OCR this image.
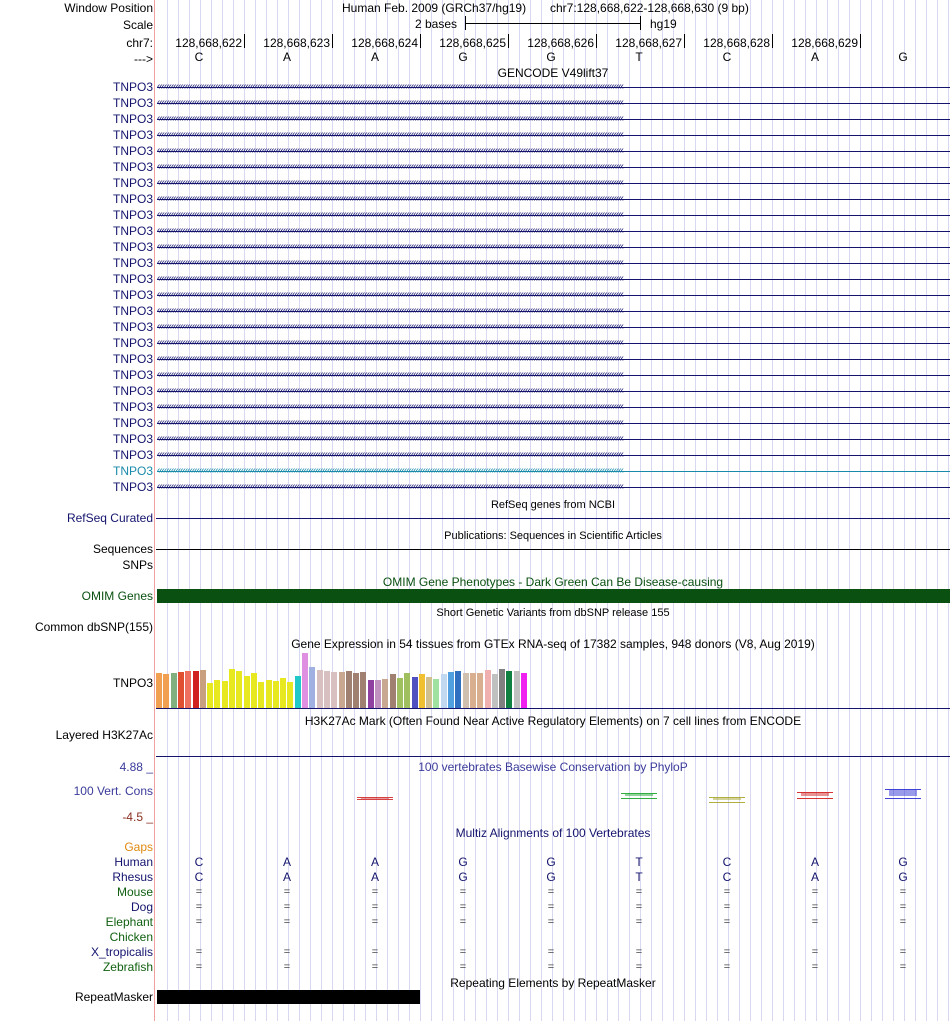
Window Position	Human Feb. 2009 (GRCh37/hg19) chr7:128,668,622-128,668,630 (9 bp)
Scale	2 bases	hg19
chr7:	128,668,622	128,668,623	128,668,624	128,668,625	128,668,626	128,668,627	128,668,628	128,668,629
--->	C	A	A	G	G	T	C	A	G
GENCODE V49lift37
TNPO3 ‹‹‹‹‹‹‹‹‹‹‹‹‹‹‹‹‹‹‹‹‹‹‹‹‹‹‹‹‹‹‹‹‹‹‹‹‹‹‹‹‹‹‹‹‹‹‹‹‹‹‹‹‹‹‹‹‹‹‹‹‹‹‹‹‹‹‹‹‹‹‹‹‹‹‹‹‹‹‹‹‹‹‹‹‹‹‹‹‹‹‹‹‹‹‹‹‹‹‹‹‹‹‹‹‹‹‹‹‹‹‹‹‹‹‹‹‹‹‹‹‹‹‹‹‹‹‹‹‹‹‹‹‹‹‹‹‹‹‹‹‹‹‹‹‹‹‹‹‹‹‹‹‹‹‹‹‹‹‹‹‹‹‹‹‹‹‹‹‹‹‹‹‹‹‹‹‹‹‹‹‹‹‹‹‹‹‹‹‹‹‹‹‹‹‹‹‹‹‹‹
TNPO3 ‹‹‹‹‹‹‹‹‹‹‹‹‹‹‹‹‹‹‹‹‹‹‹‹‹‹‹‹‹‹‹‹‹‹‹‹‹‹‹‹‹‹‹‹‹‹‹‹‹‹‹‹‹‹‹‹‹‹‹‹‹‹‹‹‹‹‹‹‹‹‹‹‹‹‹‹‹‹‹‹‹‹‹‹‹‹‹‹‹‹‹‹‹‹‹‹‹‹‹‹‹‹‹‹‹‹‹‹‹‹‹‹‹‹‹‹‹‹‹‹‹‹‹‹‹‹‹‹‹‹‹‹‹‹‹‹‹‹‹‹‹‹‹‹‹‹‹‹‹‹‹‹‹‹‹‹‹‹‹‹‹‹‹‹‹‹‹‹‹‹‹‹‹‹‹‹‹‹‹‹‹‹‹‹‹‹‹‹‹‹‹‹‹‹‹‹‹‹‹‹
TNPO3 ‹‹‹‹‹‹‹‹‹‹‹‹‹‹‹‹‹‹‹‹‹‹‹‹‹‹‹‹‹‹‹‹‹‹‹‹‹‹‹‹‹‹‹‹‹‹‹‹‹‹‹‹‹‹‹‹‹‹‹‹‹‹‹‹‹‹‹‹‹‹‹‹‹‹‹‹‹‹‹‹‹‹‹‹‹‹‹‹‹‹‹‹‹‹‹‹‹‹‹‹‹‹‹‹‹‹‹‹‹‹‹‹‹‹‹‹‹‹‹‹‹‹‹‹‹‹‹‹‹‹‹‹‹‹‹‹‹‹‹‹‹‹‹‹‹‹‹‹‹‹‹‹‹‹‹‹‹‹‹‹‹‹‹‹‹‹‹‹‹‹‹‹‹‹‹‹‹‹‹‹‹‹‹‹‹‹‹‹‹‹‹‹‹‹‹‹‹‹‹‹
TNPO3 ‹‹‹‹‹‹‹‹‹‹‹‹‹‹‹‹‹‹‹‹‹‹‹‹‹‹‹‹‹‹‹‹‹‹‹‹‹‹‹‹‹‹‹‹‹‹‹‹‹‹‹‹‹‹‹‹‹‹‹‹‹‹‹‹‹‹‹‹‹‹‹‹‹‹‹‹‹‹‹‹‹‹‹‹‹‹‹‹‹‹‹‹‹‹‹‹‹‹‹‹‹‹‹‹‹‹‹‹‹‹‹‹‹‹‹‹‹‹‹‹‹‹‹‹‹‹‹‹‹‹‹‹‹‹‹‹‹‹‹‹‹‹‹‹‹‹‹‹‹‹‹‹‹‹‹‹‹‹‹‹‹‹‹‹‹‹‹‹‹‹‹‹‹‹‹‹‹‹‹‹‹‹‹‹‹‹‹‹‹‹‹‹‹‹‹‹‹‹‹‹
TNPO3 ‹‹‹‹‹‹‹‹‹‹‹‹‹‹‹‹‹‹‹‹‹‹‹‹‹‹‹‹‹‹‹‹‹‹‹‹‹‹‹‹‹‹‹‹‹‹‹‹‹‹‹‹‹‹‹‹‹‹‹‹‹‹‹‹‹‹‹‹‹‹‹‹‹‹‹‹‹‹‹‹‹‹‹‹‹‹‹‹‹‹‹‹‹‹‹‹‹‹‹‹‹‹‹‹‹‹‹‹‹‹‹‹‹‹‹‹‹‹‹‹‹‹‹‹‹‹‹‹‹‹‹‹‹‹‹‹‹‹‹‹‹‹‹‹‹‹‹‹‹‹‹‹‹‹‹‹‹‹‹‹‹‹‹‹‹‹‹‹‹‹‹‹‹‹‹‹‹‹‹‹‹‹‹‹‹‹‹‹‹‹‹‹‹‹‹‹‹‹‹‹
TNPO3 ‹‹‹‹‹‹‹‹‹‹‹‹‹‹‹‹‹‹‹‹‹‹‹‹‹‹‹‹‹‹‹‹‹‹‹‹‹‹‹‹‹‹‹‹‹‹‹‹‹‹‹‹‹‹‹‹‹‹‹‹‹‹‹‹‹‹‹‹‹‹‹‹‹‹‹‹‹‹‹‹‹‹‹‹‹‹‹‹‹‹‹‹‹‹‹‹‹‹‹‹‹‹‹‹‹‹‹‹‹‹‹‹‹‹‹‹‹‹‹‹‹‹‹‹‹‹‹‹‹‹‹‹‹‹‹‹‹‹‹‹‹‹‹‹‹‹‹‹‹‹‹‹‹‹‹‹‹‹‹‹‹‹‹‹‹‹‹‹‹‹‹‹‹‹‹‹‹‹‹‹‹‹‹‹‹‹‹‹‹‹‹‹‹‹‹‹‹‹‹‹
TNPO3 ‹‹‹‹‹‹‹‹‹‹‹‹‹‹‹‹‹‹‹‹‹‹‹‹‹‹‹‹‹‹‹‹‹‹‹‹‹‹‹‹‹‹‹‹‹‹‹‹‹‹‹‹‹‹‹‹‹‹‹‹‹‹‹‹‹‹‹‹‹‹‹‹‹‹‹‹‹‹‹‹‹‹‹‹‹‹‹‹‹‹‹‹‹‹‹‹‹‹‹‹‹‹‹‹‹‹‹‹‹‹‹‹‹‹‹‹‹‹‹‹‹‹‹‹‹‹‹‹‹‹‹‹‹‹‹‹‹‹‹‹‹‹‹‹‹‹‹‹‹‹‹‹‹‹‹‹‹‹‹‹‹‹‹‹‹‹‹‹‹‹‹‹‹‹‹‹‹‹‹‹‹‹‹‹‹‹‹‹‹‹‹‹‹‹‹‹‹‹‹‹
TNPO3 ‹‹‹‹‹‹‹‹‹‹‹‹‹‹‹‹‹‹‹‹‹‹‹‹‹‹‹‹‹‹‹‹‹‹‹‹‹‹‹‹‹‹‹‹‹‹‹‹‹‹‹‹‹‹‹‹‹‹‹‹‹‹‹‹‹‹‹‹‹‹‹‹‹‹‹‹‹‹‹‹‹‹‹‹‹‹‹‹‹‹‹‹‹‹‹‹‹‹‹‹‹‹‹‹‹‹‹‹‹‹‹‹‹‹‹‹‹‹‹‹‹‹‹‹‹‹‹‹‹‹‹‹‹‹‹‹‹‹‹‹‹‹‹‹‹‹‹‹‹‹‹‹‹‹‹‹‹‹‹‹‹‹‹‹‹‹‹‹‹‹‹‹‹‹‹‹‹‹‹‹‹‹‹‹‹‹‹‹‹‹‹‹‹‹‹‹‹‹‹‹
TNPO3 ‹‹‹‹‹‹‹‹‹‹‹‹‹‹‹‹‹‹‹‹‹‹‹‹‹‹‹‹‹‹‹‹‹‹‹‹‹‹‹‹‹‹‹‹‹‹‹‹‹‹‹‹‹‹‹‹‹‹‹‹‹‹‹‹‹‹‹‹‹‹‹‹‹‹‹‹‹‹‹‹‹‹‹‹‹‹‹‹‹‹‹‹‹‹‹‹‹‹‹‹‹‹‹‹‹‹‹‹‹‹‹‹‹‹‹‹‹‹‹‹‹‹‹‹‹‹‹‹‹‹‹‹‹‹‹‹‹‹‹‹‹‹‹‹‹‹‹‹‹‹‹‹‹‹‹‹‹‹‹‹‹‹‹‹‹‹‹‹‹‹‹‹‹‹‹‹‹‹‹‹‹‹‹‹‹‹‹‹‹‹‹‹‹‹‹‹‹‹‹‹
TNPO3 ‹‹‹‹‹‹‹‹‹‹‹‹‹‹‹‹‹‹‹‹‹‹‹‹‹‹‹‹‹‹‹‹‹‹‹‹‹‹‹‹‹‹‹‹‹‹‹‹‹‹‹‹‹‹‹‹‹‹‹‹‹‹‹‹‹‹‹‹‹‹‹‹‹‹‹‹‹‹‹‹‹‹‹‹‹‹‹‹‹‹‹‹‹‹‹‹‹‹‹‹‹‹‹‹‹‹‹‹‹‹‹‹‹‹‹‹‹‹‹‹‹‹‹‹‹‹‹‹‹‹‹‹‹‹‹‹‹‹‹‹‹‹‹‹‹‹‹‹‹‹‹‹‹‹‹‹‹‹‹‹‹‹‹‹‹‹‹‹‹‹‹‹‹‹‹‹‹‹‹‹‹‹‹‹‹‹‹‹‹‹‹‹‹‹‹‹‹‹‹‹
TNPO3 ‹‹‹‹‹‹‹‹‹‹‹‹‹‹‹‹‹‹‹‹‹‹‹‹‹‹‹‹‹‹‹‹‹‹‹‹‹‹‹‹‹‹‹‹‹‹‹‹‹‹‹‹‹‹‹‹‹‹‹‹‹‹‹‹‹‹‹‹‹‹‹‹‹‹‹‹‹‹‹‹‹‹‹‹‹‹‹‹‹‹‹‹‹‹‹‹‹‹‹‹‹‹‹‹‹‹‹‹‹‹‹‹‹‹‹‹‹‹‹‹‹‹‹‹‹‹‹‹‹‹‹‹‹‹‹‹‹‹‹‹‹‹‹‹‹‹‹‹‹‹‹‹‹‹‹‹‹‹‹‹‹‹‹‹‹‹‹‹‹‹‹‹‹‹‹‹‹‹‹‹‹‹‹‹‹‹‹‹‹‹‹‹‹‹‹‹‹‹‹‹
TNPO3 ‹‹‹‹‹‹‹‹‹‹‹‹‹‹‹‹‹‹‹‹‹‹‹‹‹‹‹‹‹‹‹‹‹‹‹‹‹‹‹‹‹‹‹‹‹‹‹‹‹‹‹‹‹‹‹‹‹‹‹‹‹‹‹‹‹‹‹‹‹‹‹‹‹‹‹‹‹‹‹‹‹‹‹‹‹‹‹‹‹‹‹‹‹‹‹‹‹‹‹‹‹‹‹‹‹‹‹‹‹‹‹‹‹‹‹‹‹‹‹‹‹‹‹‹‹‹‹‹‹‹‹‹‹‹‹‹‹‹‹‹‹‹‹‹‹‹‹‹‹‹‹‹‹‹‹‹‹‹‹‹‹‹‹‹‹‹‹‹‹‹‹‹‹‹‹‹‹‹‹‹‹‹‹‹‹‹‹‹‹‹‹‹‹‹‹‹‹‹‹‹
TNPO3 ‹‹‹‹‹‹‹‹‹‹‹‹‹‹‹‹‹‹‹‹‹‹‹‹‹‹‹‹‹‹‹‹‹‹‹‹‹‹‹‹‹‹‹‹‹‹‹‹‹‹‹‹‹‹‹‹‹‹‹‹‹‹‹‹‹‹‹‹‹‹‹‹‹‹‹‹‹‹‹‹‹‹‹‹‹‹‹‹‹‹‹‹‹‹‹‹‹‹‹‹‹‹‹‹‹‹‹‹‹‹‹‹‹‹‹‹‹‹‹‹‹‹‹‹‹‹‹‹‹‹‹‹‹‹‹‹‹‹‹‹‹‹‹‹‹‹‹‹‹‹‹‹‹‹‹‹‹‹‹‹‹‹‹‹‹‹‹‹‹‹‹‹‹‹‹‹‹‹‹‹‹‹‹‹‹‹‹‹‹‹‹‹‹‹‹‹‹‹‹‹
TNPO3 ‹‹‹‹‹‹‹‹‹‹‹‹‹‹‹‹‹‹‹‹‹‹‹‹‹‹‹‹‹‹‹‹‹‹‹‹‹‹‹‹‹‹‹‹‹‹‹‹‹‹‹‹‹‹‹‹‹‹‹‹‹‹‹‹‹‹‹‹‹‹‹‹‹‹‹‹‹‹‹‹‹‹‹‹‹‹‹‹‹‹‹‹‹‹‹‹‹‹‹‹‹‹‹‹‹‹‹‹‹‹‹‹‹‹‹‹‹‹‹‹‹‹‹‹‹‹‹‹‹‹‹‹‹‹‹‹‹‹‹‹‹‹‹‹‹‹‹‹‹‹‹‹‹‹‹‹‹‹‹‹‹‹‹‹‹‹‹‹‹‹‹‹‹‹‹‹‹‹‹‹‹‹‹‹‹‹‹‹‹‹‹‹‹‹‹‹‹‹‹‹
TNPO3 ‹‹‹‹‹‹‹‹‹‹‹‹‹‹‹‹‹‹‹‹‹‹‹‹‹‹‹‹‹‹‹‹‹‹‹‹‹‹‹‹‹‹‹‹‹‹‹‹‹‹‹‹‹‹‹‹‹‹‹‹‹‹‹‹‹‹‹‹‹‹‹‹‹‹‹‹‹‹‹‹‹‹‹‹‹‹‹‹‹‹‹‹‹‹‹‹‹‹‹‹‹‹‹‹‹‹‹‹‹‹‹‹‹‹‹‹‹‹‹‹‹‹‹‹‹‹‹‹‹‹‹‹‹‹‹‹‹‹‹‹‹‹‹‹‹‹‹‹‹‹‹‹‹‹‹‹‹‹‹‹‹‹‹‹‹‹‹‹‹‹‹‹‹‹‹‹‹‹‹‹‹‹‹‹‹‹‹‹‹‹‹‹‹‹‹‹‹‹‹‹
TNPO3 ‹‹‹‹‹‹‹‹‹‹‹‹‹‹‹‹‹‹‹‹‹‹‹‹‹‹‹‹‹‹‹‹‹‹‹‹‹‹‹‹‹‹‹‹‹‹‹‹‹‹‹‹‹‹‹‹‹‹‹‹‹‹‹‹‹‹‹‹‹‹‹‹‹‹‹‹‹‹‹‹‹‹‹‹‹‹‹‹‹‹‹‹‹‹‹‹‹‹‹‹‹‹‹‹‹‹‹‹‹‹‹‹‹‹‹‹‹‹‹‹‹‹‹‹‹‹‹‹‹‹‹‹‹‹‹‹‹‹‹‹‹‹‹‹‹‹‹‹‹‹‹‹‹‹‹‹‹‹‹‹‹‹‹‹‹‹‹‹‹‹‹‹‹‹‹‹‹‹‹‹‹‹‹‹‹‹‹‹‹‹‹‹‹‹‹‹‹‹‹‹
TNPO3 ‹‹‹‹‹‹‹‹‹‹‹‹‹‹‹‹‹‹‹‹‹‹‹‹‹‹‹‹‹‹‹‹‹‹‹‹‹‹‹‹‹‹‹‹‹‹‹‹‹‹‹‹‹‹‹‹‹‹‹‹‹‹‹‹‹‹‹‹‹‹‹‹‹‹‹‹‹‹‹‹‹‹‹‹‹‹‹‹‹‹‹‹‹‹‹‹‹‹‹‹‹‹‹‹‹‹‹‹‹‹‹‹‹‹‹‹‹‹‹‹‹‹‹‹‹‹‹‹‹‹‹‹‹‹‹‹‹‹‹‹‹‹‹‹‹‹‹‹‹‹‹‹‹‹‹‹‹‹‹‹‹‹‹‹‹‹‹‹‹‹‹‹‹‹‹‹‹‹‹‹‹‹‹‹‹‹‹‹‹‹‹‹‹‹‹‹‹‹‹‹
TNPO3 ‹‹‹‹‹‹‹‹‹‹‹‹‹‹‹‹‹‹‹‹‹‹‹‹‹‹‹‹‹‹‹‹‹‹‹‹‹‹‹‹‹‹‹‹‹‹‹‹‹‹‹‹‹‹‹‹‹‹‹‹‹‹‹‹‹‹‹‹‹‹‹‹‹‹‹‹‹‹‹‹‹‹‹‹‹‹‹‹‹‹‹‹‹‹‹‹‹‹‹‹‹‹‹‹‹‹‹‹‹‹‹‹‹‹‹‹‹‹‹‹‹‹‹‹‹‹‹‹‹‹‹‹‹‹‹‹‹‹‹‹‹‹‹‹‹‹‹‹‹‹‹‹‹‹‹‹‹‹‹‹‹‹‹‹‹‹‹‹‹‹‹‹‹‹‹‹‹‹‹‹‹‹‹‹‹‹‹‹‹‹‹‹‹‹‹‹‹‹‹‹
TNPO3 ‹‹‹‹‹‹‹‹‹‹‹‹‹‹‹‹‹‹‹‹‹‹‹‹‹‹‹‹‹‹‹‹‹‹‹‹‹‹‹‹‹‹‹‹‹‹‹‹‹‹‹‹‹‹‹‹‹‹‹‹‹‹‹‹‹‹‹‹‹‹‹‹‹‹‹‹‹‹‹‹‹‹‹‹‹‹‹‹‹‹‹‹‹‹‹‹‹‹‹‹‹‹‹‹‹‹‹‹‹‹‹‹‹‹‹‹‹‹‹‹‹‹‹‹‹‹‹‹‹‹‹‹‹‹‹‹‹‹‹‹‹‹‹‹‹‹‹‹‹‹‹‹‹‹‹‹‹‹‹‹‹‹‹‹‹‹‹‹‹‹‹‹‹‹‹‹‹‹‹‹‹‹‹‹‹‹‹‹‹‹‹‹‹‹‹‹‹‹‹‹
TNPO3 ‹‹‹‹‹‹‹‹‹‹‹‹‹‹‹‹‹‹‹‹‹‹‹‹‹‹‹‹‹‹‹‹‹‹‹‹‹‹‹‹‹‹‹‹‹‹‹‹‹‹‹‹‹‹‹‹‹‹‹‹‹‹‹‹‹‹‹‹‹‹‹‹‹‹‹‹‹‹‹‹‹‹‹‹‹‹‹‹‹‹‹‹‹‹‹‹‹‹‹‹‹‹‹‹‹‹‹‹‹‹‹‹‹‹‹‹‹‹‹‹‹‹‹‹‹‹‹‹‹‹‹‹‹‹‹‹‹‹‹‹‹‹‹‹‹‹‹‹‹‹‹‹‹‹‹‹‹‹‹‹‹‹‹‹‹‹‹‹‹‹‹‹‹‹‹‹‹‹‹‹‹‹‹‹‹‹‹‹‹‹‹‹‹‹‹‹‹‹‹‹
TNPO3 ‹‹‹‹‹‹‹‹‹‹‹‹‹‹‹‹‹‹‹‹‹‹‹‹‹‹‹‹‹‹‹‹‹‹‹‹‹‹‹‹‹‹‹‹‹‹‹‹‹‹‹‹‹‹‹‹‹‹‹‹‹‹‹‹‹‹‹‹‹‹‹‹‹‹‹‹‹‹‹‹‹‹‹‹‹‹‹‹‹‹‹‹‹‹‹‹‹‹‹‹‹‹‹‹‹‹‹‹‹‹‹‹‹‹‹‹‹‹‹‹‹‹‹‹‹‹‹‹‹‹‹‹‹‹‹‹‹‹‹‹‹‹‹‹‹‹‹‹‹‹‹‹‹‹‹‹‹‹‹‹‹‹‹‹‹‹‹‹‹‹‹‹‹‹‹‹‹‹‹‹‹‹‹‹‹‹‹‹‹‹‹‹‹‹‹‹‹‹‹‹
TNPO3 ‹‹‹‹‹‹‹‹‹‹‹‹‹‹‹‹‹‹‹‹‹‹‹‹‹‹‹‹‹‹‹‹‹‹‹‹‹‹‹‹‹‹‹‹‹‹‹‹‹‹‹‹‹‹‹‹‹‹‹‹‹‹‹‹‹‹‹‹‹‹‹‹‹‹‹‹‹‹‹‹‹‹‹‹‹‹‹‹‹‹‹‹‹‹‹‹‹‹‹‹‹‹‹‹‹‹‹‹‹‹‹‹‹‹‹‹‹‹‹‹‹‹‹‹‹‹‹‹‹‹‹‹‹‹‹‹‹‹‹‹‹‹‹‹‹‹‹‹‹‹‹‹‹‹‹‹‹‹‹‹‹‹‹‹‹‹‹‹‹‹‹‹‹‹‹‹‹‹‹‹‹‹‹‹‹‹‹‹‹‹‹‹‹‹‹‹‹‹‹‹
TNPO3 ‹‹‹‹‹‹‹‹‹‹‹‹‹‹‹‹‹‹‹‹‹‹‹‹‹‹‹‹‹‹‹‹‹‹‹‹‹‹‹‹‹‹‹‹‹‹‹‹‹‹‹‹‹‹‹‹‹‹‹‹‹‹‹‹‹‹‹‹‹‹‹‹‹‹‹‹‹‹‹‹‹‹‹‹‹‹‹‹‹‹‹‹‹‹‹‹‹‹‹‹‹‹‹‹‹‹‹‹‹‹‹‹‹‹‹‹‹‹‹‹‹‹‹‹‹‹‹‹‹‹‹‹‹‹‹‹‹‹‹‹‹‹‹‹‹‹‹‹‹‹‹‹‹‹‹‹‹‹‹‹‹‹‹‹‹‹‹‹‹‹‹‹‹‹‹‹‹‹‹‹‹‹‹‹‹‹‹‹‹‹‹‹‹‹‹‹‹‹‹‹
TNPO3 ‹‹‹‹‹‹‹‹‹‹‹‹‹‹‹‹‹‹‹‹‹‹‹‹‹‹‹‹‹‹‹‹‹‹‹‹‹‹‹‹‹‹‹‹‹‹‹‹‹‹‹‹‹‹‹‹‹‹‹‹‹‹‹‹‹‹‹‹‹‹‹‹‹‹‹‹‹‹‹‹‹‹‹‹‹‹‹‹‹‹‹‹‹‹‹‹‹‹‹‹‹‹‹‹‹‹‹‹‹‹‹‹‹‹‹‹‹‹‹‹‹‹‹‹‹‹‹‹‹‹‹‹‹‹‹‹‹‹‹‹‹‹‹‹‹‹‹‹‹‹‹‹‹‹‹‹‹‹‹‹‹‹‹‹‹‹‹‹‹‹‹‹‹‹‹‹‹‹‹‹‹‹‹‹‹‹‹‹‹‹‹‹‹‹‹‹‹‹‹‹
TNPO3 ‹‹‹‹‹‹‹‹‹‹‹‹‹‹‹‹‹‹‹‹‹‹‹‹‹‹‹‹‹‹‹‹‹‹‹‹‹‹‹‹‹‹‹‹‹‹‹‹‹‹‹‹‹‹‹‹‹‹‹‹‹‹‹‹‹‹‹‹‹‹‹‹‹‹‹‹‹‹‹‹‹‹‹‹‹‹‹‹‹‹‹‹‹‹‹‹‹‹‹‹‹‹‹‹‹‹‹‹‹‹‹‹‹‹‹‹‹‹‹‹‹‹‹‹‹‹‹‹‹‹‹‹‹‹‹‹‹‹‹‹‹‹‹‹‹‹‹‹‹‹‹‹‹‹‹‹‹‹‹‹‹‹‹‹‹‹‹‹‹‹‹‹‹‹‹‹‹‹‹‹‹‹‹‹‹‹‹‹‹‹‹‹‹‹‹‹‹‹‹‹
TNPO3 ‹‹‹‹‹‹‹‹‹‹‹‹‹‹‹‹‹‹‹‹‹‹‹‹‹‹‹‹‹‹‹‹‹‹‹‹‹‹‹‹‹‹‹‹‹‹‹‹‹‹‹‹‹‹‹‹‹‹‹‹‹‹‹‹‹‹‹‹‹‹‹‹‹‹‹‹‹‹‹‹‹‹‹‹‹‹‹‹‹‹‹‹‹‹‹‹‹‹‹‹‹‹‹‹‹‹‹‹‹‹‹‹‹‹‹‹‹‹‹‹‹‹‹‹‹‹‹‹‹‹‹‹‹‹‹‹‹‹‹‹‹‹‹‹‹‹‹‹‹‹‹‹‹‹‹‹‹‹‹‹‹‹‹‹‹‹‹‹‹‹‹‹‹‹‹‹‹‹‹‹‹‹‹‹‹‹‹‹‹‹‹‹‹‹‹‹‹‹‹‹
RefSeq genes from NCBI
RefSeq Curated
Publications: Sequences in Scientific Articles
Sequences
SNPs
OMIM Gene Phenotypes - Dark Green Can Be Disease-causing
OMIM Genes
Short Genetic Variants from dbSNP release 155
Common dbSNP(155)
Gene Expression in 54 tissues from GTEx RNA-seq of 17382 samples, 948 donors (V8, Aug 2019)
TNPO3
H3K27Ac Mark (Often Found Near Active Regulatory Elements) on 7 cell lines from ENCODE
Layered H3K27Ac
100 vertebrates Basewise Conservation by PhyloP
4.88 _
100 Vert. Cons
-4.5 _
Multiz Alignments of 100 Vertebrates
Gaps
Human	C	A	A	G	G	T	C	A	G
Rhesus	C	A	A	G	G	T	C	A	G
Mouse	=	=	=	=	=	=	=	=	=
Dog	=	=	=	=	=	=	=	=	=
Elephant	=	=	=	=	=	=	=	=	=
Chicken
X_tropicalis	=	=	=	=	=	=	=	=	=
Zebrafish	=	=	=	=	=	=	=	=	=
Repeating Elements by RepeatMasker
RepeatMasker
